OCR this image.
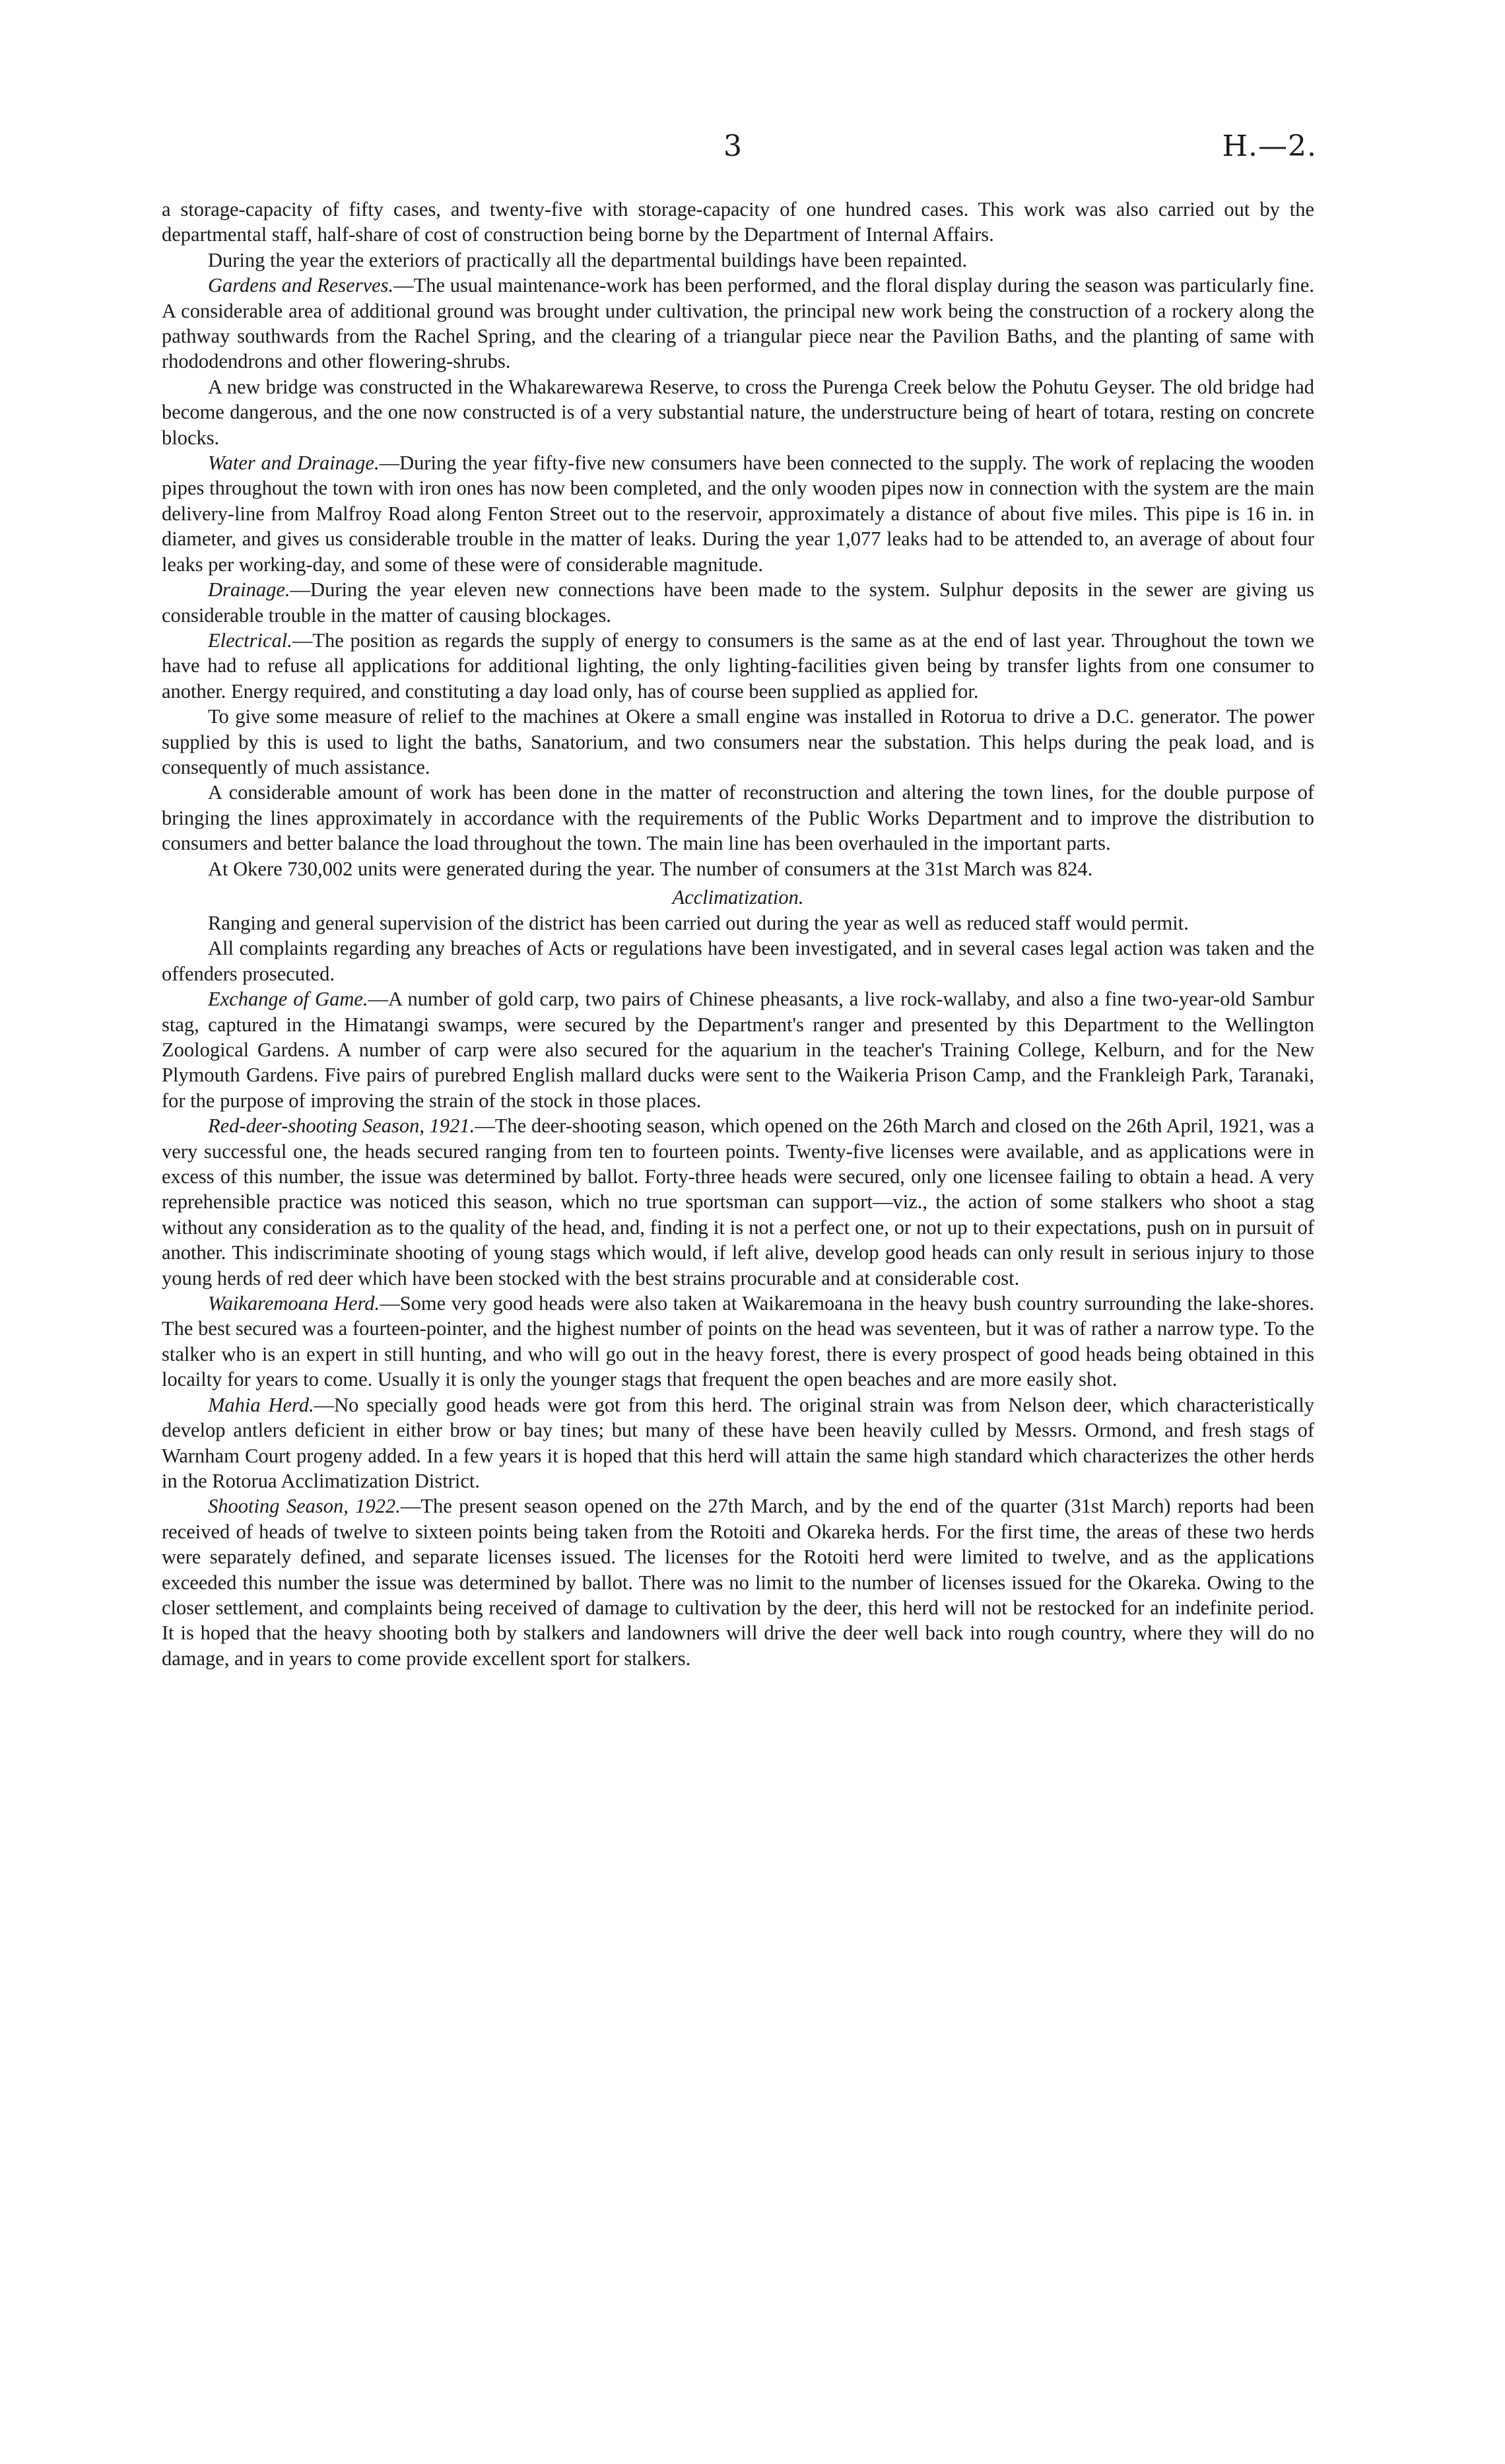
3	H.—2.

a storage-capacity of fifty cases, and twenty-five with storage-capacity of one hundred cases. This work was also carried out by the departmental staff, half-share of cost of construction being borne by the Department of Internal Affairs.

During the year the exteriors of practically all the departmental buildings have been repainted.

Gardens and Reserves.—The usual maintenance-work has been performed, and the floral display during the season was particularly fine. A considerable area of additional ground was brought under cultivation, the principal new work being the construction of a rockery along the pathway southwards from the Rachel Spring, and the clearing of a triangular piece near the Pavilion Baths, and the planting of same with rhododendrons and other flowering-shrubs.

A new bridge was constructed in the Whakarewarewa Reserve, to cross the Purenga Creek below the Pohutu Geyser. The old bridge had become dangerous, and the one now constructed is of a very substantial nature, the understructure being of heart of totara, resting on concrete blocks.

Water and Drainage.—During the year fifty-five new consumers have been connected to the supply. The work of replacing the wooden pipes throughout the town with iron ones has now been completed, and the only wooden pipes now in connection with the system are the main delivery-line from Malfroy Road along Fenton Street out to the reservoir, approximately a distance of about five miles. This pipe is 16 in. in diameter, and gives us considerable trouble in the matter of leaks. During the year 1,077 leaks had to be attended to, an average of about four leaks per working-day, and some of these were of considerable magnitude.

Drainage.—During the year eleven new connections have been made to the system. Sulphur deposits in the sewer are giving us considerable trouble in the matter of causing blockages.

Electrical.—The position as regards the supply of energy to consumers is the same as at the end of last year. Throughout the town we have had to refuse all applications for additional lighting, the only lighting-facilities given being by transfer lights from one consumer to another. Energy required, and constituting a day load only, has of course been supplied as applied for.

To give some measure of relief to the machines at Okere a small engine was installed in Rotorua to drive a D.C. generator. The power supplied by this is used to light the baths, Sanatorium, and two consumers near the substation. This helps during the peak load, and is consequently of much assistance.

A considerable amount of work has been done in the matter of reconstruction and altering the town lines, for the double purpose of bringing the lines approximately in accordance with the requirements of the Public Works Department and to improve the distribution to consumers and better balance the load throughout the town. The main line has been overhauled in the important parts.

At Okere 730,002 units were generated during the year. The number of consumers at the 31st March was 824.

Acclimatization.

Ranging and general supervision of the district has been carried out during the year as well as reduced staff would permit.

All complaints regarding any breaches of Acts or regulations have been investigated, and in several cases legal action was taken and the offenders prosecuted.

Exchange of Game.—A number of gold carp, two pairs of Chinese pheasants, a live rock-wallaby, and also a fine two-year-old Sambur stag, captured in the Himatangi swamps, were secured by the Department's ranger and presented by this Department to the Wellington Zoological Gardens. A number of carp were also secured for the aquarium in the teacher's Training College, Kelburn, and for the New Plymouth Gardens. Five pairs of purebred English mallard ducks were sent to the Waikeria Prison Camp, and the Frankleigh Park, Taranaki, for the purpose of improving the strain of the stock in those places.

Red-deer-shooting Season, 1921.—The deer-shooting season, which opened on the 26th March and closed on the 26th April, 1921, was a very successful one, the heads secured ranging from ten to fourteen points. Twenty-five licenses were available, and as applications were in excess of this number, the issue was determined by ballot. Forty-three heads were secured, only one licensee failing to obtain a head. A very reprehensible practice was noticed this season, which no true sportsman can support—viz., the action of some stalkers who shoot a stag without any consideration as to the quality of the head, and, finding it is not a perfect one, or not up to their expectations, push on in pursuit of another. This indiscriminate shooting of young stags which would, if left alive, develop good heads can only result in serious injury to those young herds of red deer which have been stocked with the best strains procurable and at considerable cost.

Waikaremoana Herd.—Some very good heads were also taken at Waikaremoana in the heavy bush country surrounding the lake-shores. The best secured was a fourteen-pointer, and the highest number of points on the head was seventeen, but it was of rather a narrow type. To the stalker who is an expert in still hunting, and who will go out in the heavy forest, there is every prospect of good heads being obtained in this locailty for years to come. Usually it is only the younger stags that frequent the open beaches and are more easily shot.

Mahia Herd.—No specially good heads were got from this herd. The original strain was from Nelson deer, which characteristically develop antlers deficient in either brow or bay tines; but many of these have been heavily culled by Messrs. Ormond, and fresh stags of Warnham Court progeny added. In a few years it is hoped that this herd will attain the same high standard which characterizes the other herds in the Rotorua Acclimatization District.

Shooting Season, 1922.—The present season opened on the 27th March, and by the end of the quarter (31st March) reports had been received of heads of twelve to sixteen points being taken from the Rotoiti and Okareka herds. For the first time, the areas of these two herds were separately defined, and separate licenses issued. The licenses for the Rotoiti herd were limited to twelve, and as the applications exceeded this number the issue was determined by ballot. There was no limit to the number of licenses issued for the Okareka. Owing to the closer settlement, and complaints being received of damage to cultivation by the deer, this herd will not be restocked for an indefinite period. It is hoped that the heavy shooting both by stalkers and landowners will drive the deer well back into rough country, where they will do no damage, and in years to come provide excellent sport for stalkers.
